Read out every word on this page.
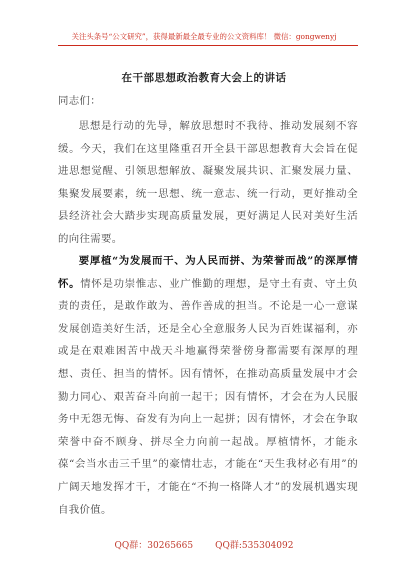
关注头条号“公文研究”，获得最新最全最专业的公文资料库！ 微信：gongwenyj
在干部思想政治教育大会上的讲话
同志们：
思想是行动的先导，解放思想时不我待、推动发展刻不容缓。今天，我们在这里隆重召开全县干部思想教育大会旨在促进思想觉醒、引领思想解放、凝聚发展共识、汇聚发展力量、集聚发展要素，统一思想、统一意志、统一行动，更好推动全县经济社会大踏步实现高质量发展，更好满足人民对美好生活的向往需要。
要厚植“为发展而干、为人民而拼、为荣誉而战”的深厚情怀。情怀是功崇惟志、业广惟勤的理想，是守土有责、守土负责的责任，是敢作敢为、善作善成的担当。不论是一心一意谋发展创造美好生活，还是全心全意服务人民为百姓谋福利，亦或是在艰难困苦中战天斗地赢得荣誉傍身都需要有深厚的理想、责任、担当的情怀。因有情怀，在推动高质量发展中才会勠力同心、艰苦奋斗向前一起干；因有情怀，才会在为人民服务中无怨无悔、奋发有为向上一起拼；因有情怀，才会在争取荣誉中奋不顾身、拼尽全力向前一起战。厚植情怀，才能永葆“会当水击三千里”的豪情壮志，才能在“天生我材必有用”的广阔天地发挥才干，才能在“不拘一格降人才”的发展机遇实现自我价值。
QQ群：30265665 QQ群:535304092
